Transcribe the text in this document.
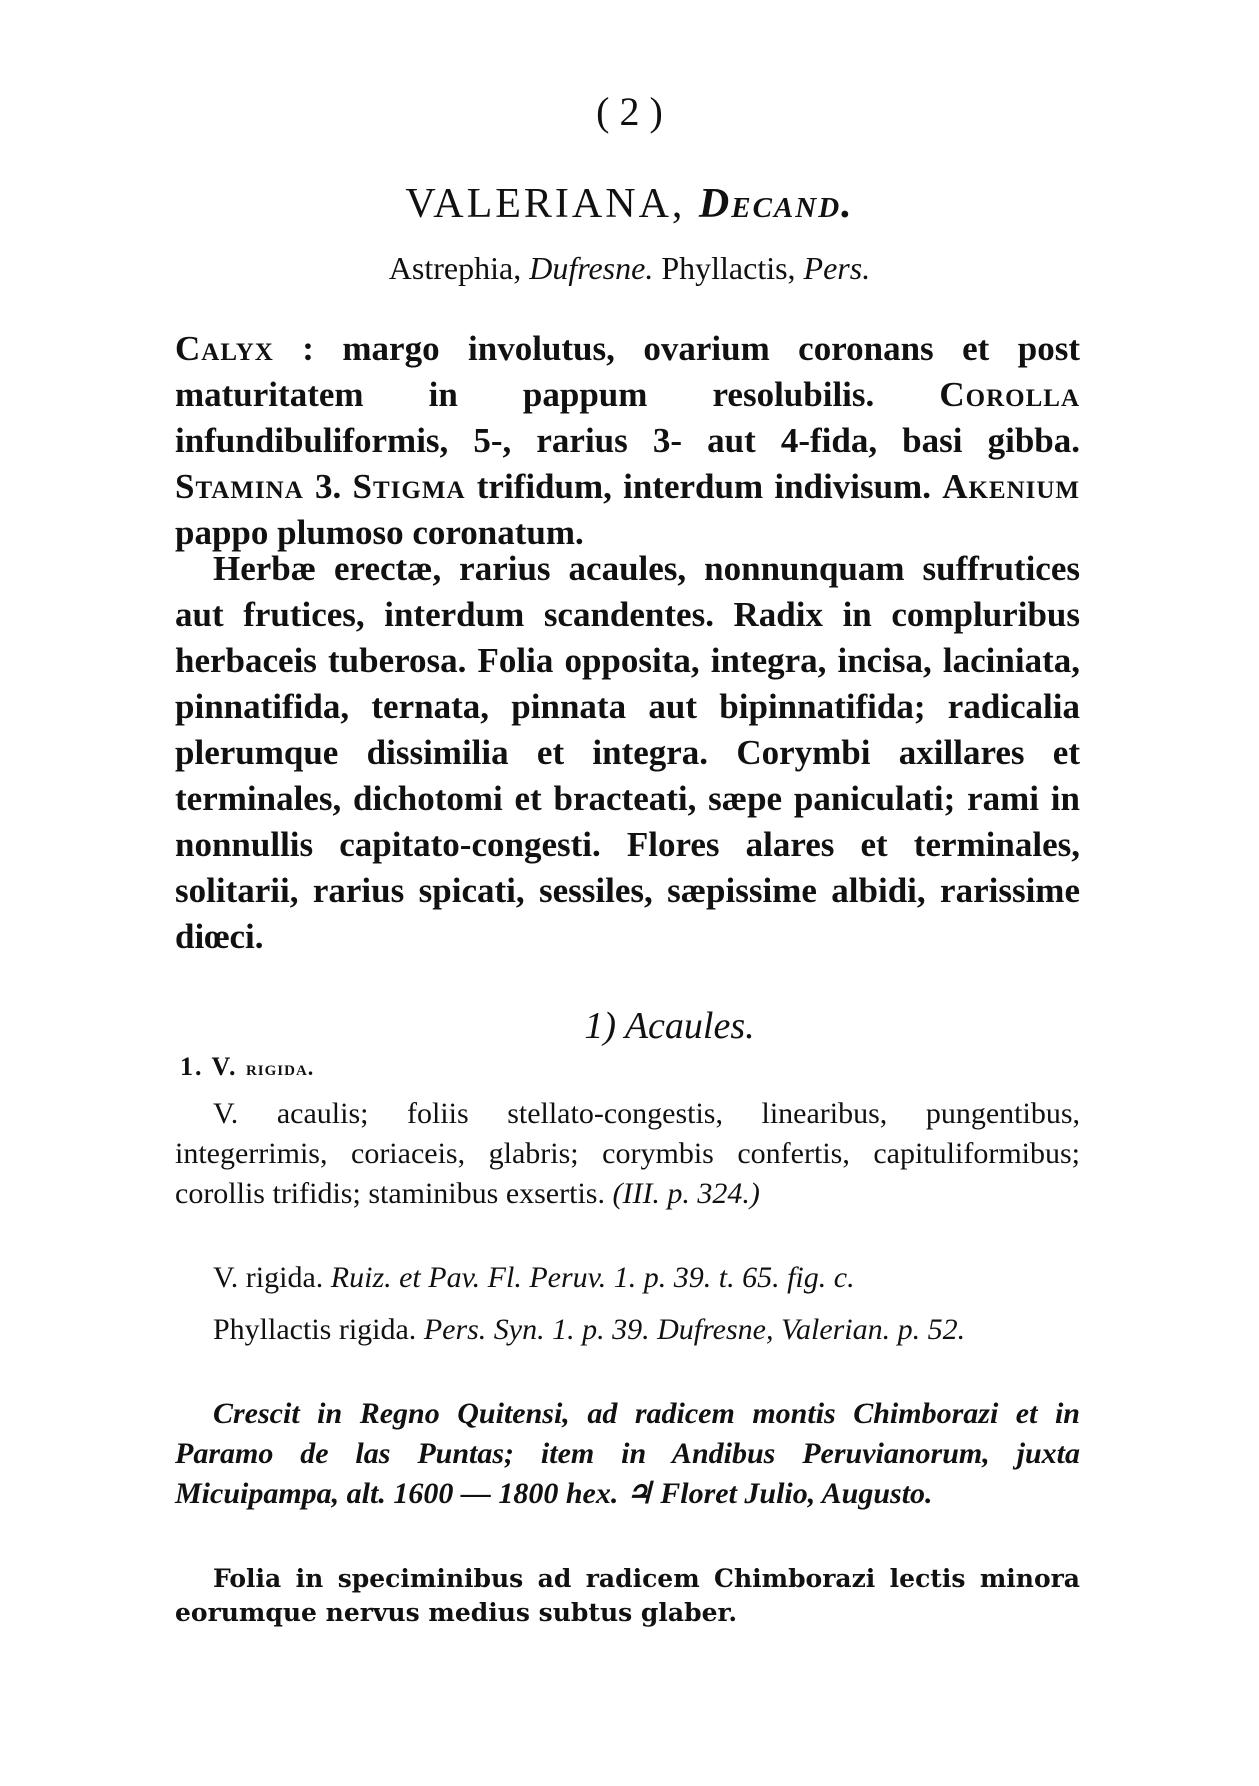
( 2 )
VALERIANA, Decand.
Astrephia, Dufresne. Phyllactis, Pers.
Calyx : margo involutus, ovarium coronans et post maturitatem in pappum resolubilis. Corolla infundibuliformis, 5-, rarius 3- aut 4-fida, basi gibba. Stamina 3. Stigma trifidum, interdum indivisum. Akenium pappo plumoso coronatum.
Herbæ erectæ, rarius acaules, nonnunquam suffrutices aut frutices, interdum scandentes. Radix in compluribus herbaceis tuberosa. Folia opposita, integra, incisa, laciniata, pinnatifida, ternata, pinnata aut bipinnatifida; radicalia plerumque dissimilia et integra. Corymbi axillares et terminales, dichotomi et bracteati, sæpe paniculati; rami in nonnullis capitato-congesti. Flores alares et terminales, solitarii, rarius spicati, sessiles, sæpissime albidi, rarissime diœci.
1) Acaules.
1. V. rigida.
V. acaulis; foliis stellato-congestis, linearibus, pungentibus, integerrimis, coriaceis, glabris; corymbis confertis, capituliformibus; corollis trifidis; staminibus exsertis. (III. p. 324.)
V. rigida. Ruiz. et Pav. Fl. Peruv. 1. p. 39. t. 65. fig. c.
Phyllactis rigida. Pers. Syn. 1. p. 39. Dufresne, Valerian. p. 52.
Crescit in Regno Quitensi, ad radicem montis Chimborazi et in Paramo de las Puntas; item in Andibus Peruvianorum, juxta Micuipampa, alt. 1600 — 1800 hex. ♃ Floret Julio, Augusto.
Folia in speciminibus ad radicem Chimborazi lectis minora eorumque nervus medius subtus glaber.
